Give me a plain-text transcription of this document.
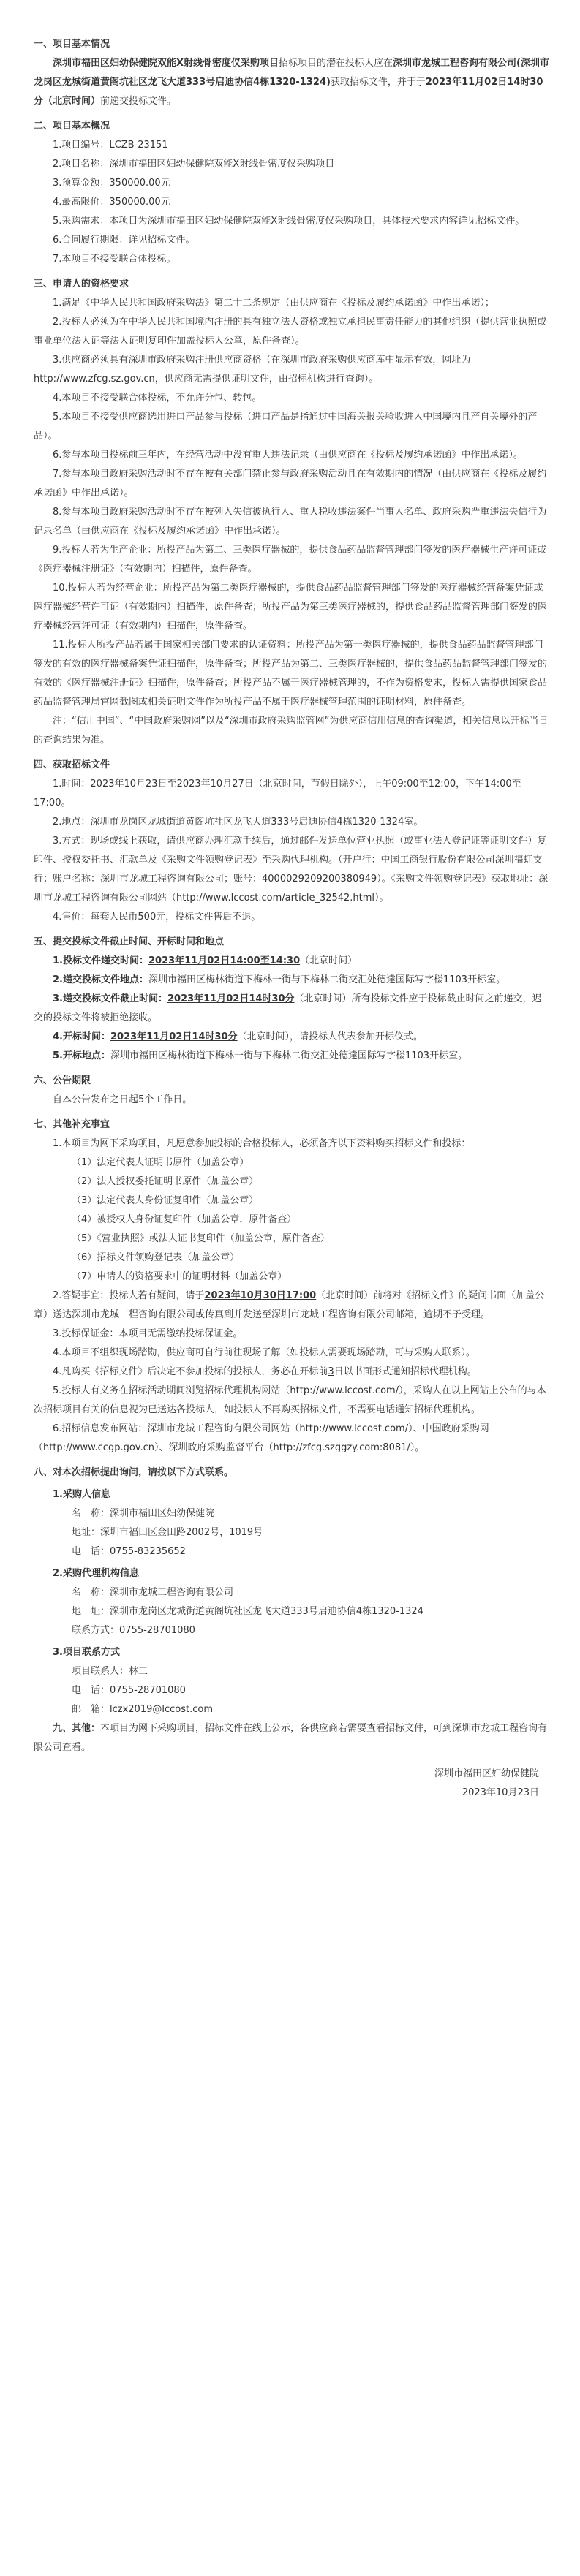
一、项目基本情况

深圳市福田区妇幼保健院双能X射线骨密度仪采购项目招标项目的潜在投标人应在深圳市龙城工程咨询有限公司(深圳市龙岗区龙城街道黄阁坑社区龙飞大道333号启迪协信4栋1320-1324)获取招标文件，并于于2023年11月02日14时30分（北京时间）前递交投标文件。

二、项目基本概况

1.项目编号：LCZB-23151

2.项目名称：深圳市福田区妇幼保健院双能X射线骨密度仪采购项目

3.预算金额：350000.00元

4.最高限价：350000.00元

5.采购需求：本项目为深圳市福田区妇幼保健院双能X射线骨密度仪采购项目，具体技术要求内容详见招标文件。

6.合同履行期限：详见招标文件。

7.本项目不接受联合体投标。

三、申请人的资格要求

1.满足《中华人民共和国政府采购法》第二十二条规定（由供应商在《投标及履约承诺函》中作出承诺）；

2.投标人必须为在中华人民共和国境内注册的具有独立法人资格或独立承担民事责任能力的其他组织（提供营业执照或事业单位法人证等法人证明复印件加盖投标人公章，原件备查）。

3.供应商必须具有深圳市政府采购注册供应商资格（在深圳市政府采购供应商库中显示有效，网址为http://www.zfcg.sz.gov.cn，供应商无需提供证明文件，由招标机构进行查询）。

4.本项目不接受联合体投标，不允许分包、转包。

5.本项目不接受供应商选用进口产品参与投标（进口产品是指通过中国海关报关验收进入中国境内且产自关境外的产品）。

6.参与本项目投标前三年内，在经营活动中没有重大违法记录（由供应商在《投标及履约承诺函》中作出承诺）。

7.参与本项目政府采购活动时不存在被有关部门禁止参与政府采购活动且在有效期内的情况（由供应商在《投标及履约承诺函》中作出承诺）。

8.参与本项目政府采购活动时不存在被列入失信被执行人、重大税收违法案件当事人名单、政府采购严重违法失信行为记录名单（由供应商在《投标及履约承诺函》中作出承诺）。

9.投标人若为生产企业：所投产品为第二、三类医疗器械的，提供食品药品监督管理部门签发的医疗器械生产许可证或《医疗器械注册证》（有效期内）扫描件，原件备查。

10.投标人若为经营企业：所投产品为第二类医疗器械的，提供食品药品监督管理部门签发的医疗器械经营备案凭证或医疗器械经营许可证（有效期内）扫描件，原件备查；所投产品为第三类医疗器械的，提供食品药品监督管理部门签发的医疗器械经营许可证（有效期内）扫描件，原件备查。

11.投标人所投产品若属于国家相关部门要求的认证资料：所投产品为第一类医疗器械的，提供食品药品监督管理部门签发的有效的医疗器械备案凭证扫描件，原件备查；所投产品为第二、三类医疗器械的，提供食品药品监督管理部门签发的有效的《医疗器械注册证》扫描件，原件备查；所投产品不属于医疗器械管理的，不作为资格要求，投标人需提供国家食品药品监督管理局官网截图或相关证明文件作为所投产品不属于医疗器械管理范围的证明材料，原件备查。

注：“信用中国”、“中国政府采购网”以及“深圳市政府采购监管网”为供应商信用信息的查询渠道，相关信息以开标当日的查询结果为准。

四、获取招标文件

1.时间：2023年10月23日至2023年10月27日（北京时间，节假日除外），上午09:00至12:00，下午14:00至17:00。

2.地点：深圳市龙岗区龙城街道黄阁坑社区龙飞大道333号启迪协信4栋1320-1324室。

3.方式：现场或线上获取，请供应商办理汇款手续后，通过邮件发送单位营业执照（或事业法人登记证等证明文件）复印件、授权委托书、汇款单及《采购文件领购登记表》至采购代理机构。（开户行：中国工商银行股份有限公司深圳福虹支行；账户名称：深圳市龙城工程咨询有限公司；账号：4000029209200380949）。《采购文件领购登记表》获取地址：深圳市龙城工程咨询有限公司网站（http://www.lccost.com/article_32542.html）。

4.售价：每套人民币500元，投标文件售后不退。

五、提交投标文件截止时间、开标时间和地点

1.投标文件递交时间：2023年11月02日14:00至14:30（北京时间）

2.递交投标文件地点：深圳市福田区梅林街道下梅林一街与下梅林二街交汇处德達国际写字楼1103开标室。

3.递交投标文件截止时间：2023年11月02日14时30分（北京时间）所有投标文件应于投标截止时间之前递交，迟交的投标文件将被拒绝接收。

4.开标时间：2023年11月02日14时30分（北京时间），请投标人代表参加开标仪式。

5.开标地点：深圳市福田区梅林街道下梅林一街与下梅林二街交汇处德達国际写字楼1103开标室。

六、公告期限

自本公告发布之日起5个工作日。

七、其他补充事宜

1.本项目为网下采购项目，凡愿意参加投标的合格投标人，必须备齐以下资料购买招标文件和投标：

（1）法定代表人证明书原件（加盖公章）
（2）法人授权委托证明书原件（加盖公章）
（3）法定代表人身份证复印件（加盖公章）
（4）被授权人身份证复印件（加盖公章，原件备查）
（5）《营业执照》或法人证书复印件（加盖公章，原件备查）
（6）招标文件领购登记表（加盖公章）
（7）申请人的资格要求中的证明材料（加盖公章）

2.答疑事宜：投标人若有疑问，请于2023年10月30日17:00（北京时间）前将对《招标文件》的疑问书面（加盖公章）送达深圳市龙城工程咨询有限公司或传真到并发送至深圳市龙城工程咨询有限公司邮箱，逾期不予受理。

3.投标保证金：本项目无需缴纳投标保证金。

4.本项目不组织现场踏勘，供应商可自行前往现场了解（如投标人需要现场踏勘，可与采购人联系）。

4.凡购买《招标文件》后决定不参加投标的投标人，务必在开标前3日以书面形式通知招标代理机构。

5.投标人有义务在招标活动期间浏览招标代理机构网站（http://www.lccost.com/），采购人在以上网站上公布的与本次招标项目有关的信息视为已送达各投标人，如投标人不再购买招标文件，不需要电话通知招标代理机构。

6.招标信息发布网站：深圳市龙城工程咨询有限公司网站（http://www.lccost.com/）、中国政府采购网（http://www.ccgp.gov.cn）、深圳政府采购监督平台（http://zfcg.szggzy.com:8081/）。

八、对本次招标提出询问，请按以下方式联系。
1.采购人信息
名　称：深圳市福田区妇幼保健院
地址：深圳市福田区金田路2002号，1019号
电　话：0755-83235652
2.采购代理机构信息
名　称：深圳市龙城工程咨询有限公司
地　址：深圳市龙岗区龙城街道黄阁坑社区龙飞大道333号启迪协信4栋1320-1324
联系方式：0755-28701080
3.项目联系方式
项目联系人：林工
电　话：0755-28701080
邮　箱：lczx2019@lccost.com

九、其他：本项目为网下采购项目，招标文件在线上公示，各供应商若需要查看招标文件，可到深圳市龙城工程咨询有限公司查看。

深圳市福田区妇幼保健院
2023年10月23日
